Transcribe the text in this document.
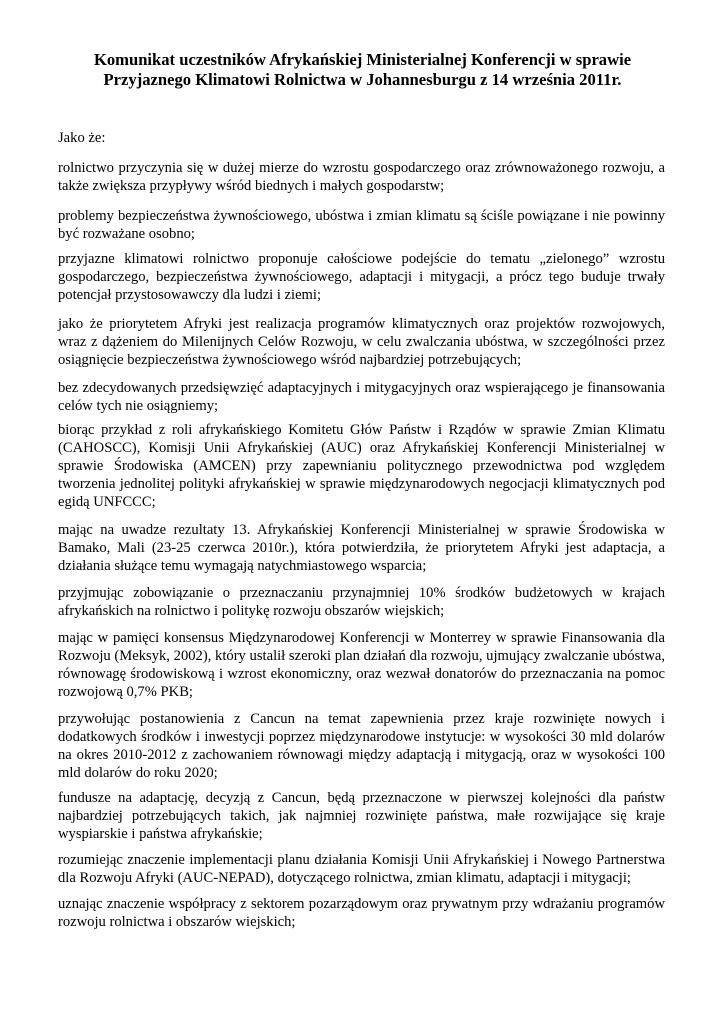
Komunikat uczestników Afrykańskiej Ministerialnej Konferencji w sprawie Przyjaznego Klimatowi Rolnictwa w Johannesburgu z 14 września 2011r.

Jako że:

rolnictwo przyczynia się w dużej mierze do wzrostu gospodarczego oraz zrównoważonego rozwoju, a także zwiększa przypływy wśród biednych i małych gospodarstw;

problemy bezpieczeństwa żywnościowego, ubóstwa i zmian klimatu są ściśle powiązane i nie powinny być rozważane osobno;

przyjazne klimatowi rolnictwo proponuje całościowe podejście do tematu „zielonego” wzrostu gospodarczego, bezpieczeństwa żywnościowego, adaptacji i mitygacji, a prócz tego buduje trwały potencjał przystosowawczy dla ludzi i ziemi;

jako że priorytetem Afryki jest realizacja programów klimatycznych oraz projektów rozwojowych, wraz z dążeniem do Milenijnych Celów Rozwoju, w celu zwalczania ubóstwa, w szczególności przez osiągnięcie bezpieczeństwa żywnościowego wśród najbardziej potrzebujących;

bez zdecydowanych przedsięwzięć adaptacyjnych i mitygacyjnych oraz wspierającego je finansowania celów tych nie osiągniemy;

biorąc przykład z roli afrykańskiego Komitetu Głów Państw i Rządów w sprawie Zmian Klimatu (CAHOSCC), Komisji Unii Afrykańskiej (AUC) oraz Afrykańskiej Konferencji Ministerialnej w sprawie Środowiska (AMCEN) przy zapewnianiu politycznego przewodnictwa pod względem tworzenia jednolitej polityki afrykańskiej w sprawie międzynarodowych negocjacji klimatycznych pod egidą UNFCCC;

mając na uwadze rezultaty 13. Afrykańskiej Konferencji Ministerialnej w sprawie Środowiska w Bamako, Mali (23-25 czerwca 2010r.), która potwierdziła, że priorytetem Afryki jest adaptacja, a działania służące temu wymagają natychmiastowego wsparcia;

przyjmując zobowiązanie o przeznaczaniu przynajmniej 10% środków budżetowych w krajach afrykańskich na rolnictwo i politykę rozwoju obszarów wiejskich;

mając w pamięci konsensus Międzynarodowej Konferencji w Monterrey w sprawie Finansowania dla Rozwoju (Meksyk, 2002), który ustalił szeroki plan działań dla rozwoju, ujmujący zwalczanie ubóstwa, równowagę środowiskową i wzrost ekonomiczny, oraz wezwał donatorów do przeznaczania na pomoc rozwojową 0,7% PKB;

przywołując postanowienia z Cancun na temat zapewnienia przez kraje rozwinięte nowych i dodatkowych środków i inwestycji poprzez międzynarodowe instytucje: w wysokości 30 mld dolarów na okres 2010-2012 z zachowaniem równowagi między adaptacją i mitygacją, oraz w wysokości 100 mld dolarów do roku 2020;

fundusze na adaptację, decyzją z Cancun, będą przeznaczone w pierwszej kolejności dla państw najbardziej potrzebujących takich, jak najmniej rozwinięte państwa, małe rozwijające się kraje wyspiarskie i państwa afrykańskie;

rozumiejąc znaczenie implementacji planu działania Komisji Unii Afrykańskiej i Nowego Partnerstwa dla Rozwoju Afryki (AUC-NEPAD), dotyczącego rolnictwa, zmian klimatu, adaptacji i mitygacji;

uznając znaczenie współpracy z sektorem pozarządowym oraz prywatnym przy wdrażaniu programów rozwoju rolnictwa i obszarów wiejskich;
